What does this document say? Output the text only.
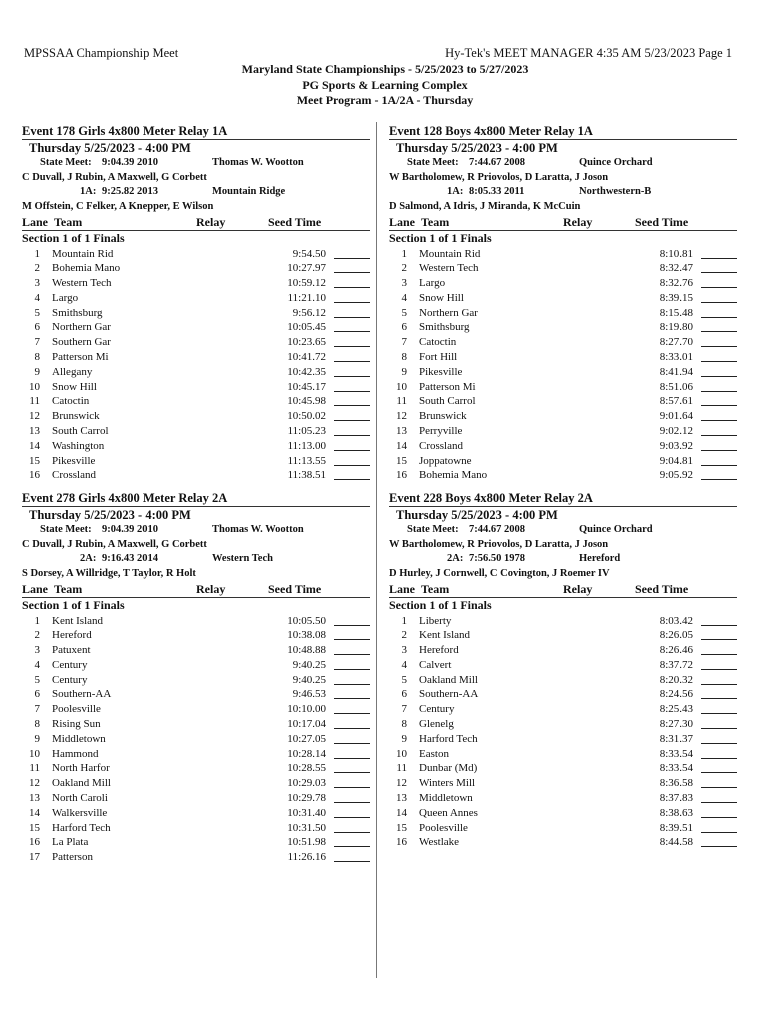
MPSSAA Championship Meet	Hy-Tek's MEET MANAGER 4:35 AM 5/23/2023 Page 1
Maryland State Championships - 5/25/2023 to 5/27/2023
PG Sports & Learning Complex
Meet Program - 1A/2A - Thursday
Event 178 Girls 4x800 Meter Relay 1A
Thursday 5/25/2023 - 4:00 PM
State Meet: 9:04.39 2010	Thomas W. Wootton
C Duvall, J Rubin, A Maxwell, G Corbett
1A: 9:25.82 2013	Mountain Ridge
M Offstein, C Felker, A Knepper, E Wilson
Lane Team	Relay	Seed Time
Section 1 of 1 Finals
1 Mountain Rid	9:54.50
2 Bohemia Mano	10:27.97
3 Western Tech	10:59.12
4 Largo	11:21.10
5 Smithsburg	9:56.12
6 Northern Gar	10:05.45
7 Southern Gar	10:23.65
8 Patterson Mi	10:41.72
9 Allegany	10:42.35
10 Snow Hill	10:45.17
11 Catoctin	10:45.98
12 Brunswick	10:50.02
13 South Carrol	11:05.23
14 Washington	11:13.00
15 Pikesville	11:13.55
16 Crossland	11:38.51
Event 128 Boys 4x800 Meter Relay 1A
Thursday 5/25/2023 - 4:00 PM
State Meet: 7:44.67 2008	Quince Orchard
W Bartholomew, R Priovolos, D Laratta, J Joson
1A: 8:05.33 2011	Northwestern-B
D Salmond, A Idris, J Miranda, K McCuin
Lane Team	Relay	Seed Time
Section 1 of 1 Finals
1 Mountain Rid	8:10.81
2 Western Tech	8:32.47
3 Largo	8:32.76
4 Snow Hill	8:39.15
5 Northern Gar	8:15.48
6 Smithsburg	8:19.80
7 Catoctin	8:27.70
8 Fort Hill	8:33.01
9 Pikesville	8:41.94
10 Patterson Mi	8:51.06
11 South Carrol	8:57.61
12 Brunswick	9:01.64
13 Perryville	9:02.12
14 Crossland	9:03.92
15 Joppatowne	9:04.81
16 Bohemia Mano	9:05.92
Event 278 Girls 4x800 Meter Relay 2A
Thursday 5/25/2023 - 4:00 PM
State Meet: 9:04.39 2010	Thomas W. Wootton
C Duvall, J Rubin, A Maxwell, G Corbett
2A: 9:16.43 2014	Western Tech
S Dorsey, A Willridge, T Taylor, R Holt
Lane Team	Relay	Seed Time
Section 1 of 1 Finals
1 Kent Island	10:05.50
2 Hereford	10:38.08
3 Patuxent	10:48.88
4 Century	9:40.25
5 Century	9:40.25
6 Southern-AA	9:46.53
7 Poolesville	10:10.00
8 Rising Sun	10:17.04
9 Middletown	10:27.05
10 Hammond	10:28.14
11 North Harfor	10:28.55
12 Oakland Mill	10:29.03
13 North Caroli	10:29.78
14 Walkersville	10:31.40
15 Harford Tech	10:31.50
16 La Plata	10:51.98
17 Patterson	11:26.16
Event 228 Boys 4x800 Meter Relay 2A
Thursday 5/25/2023 - 4:00 PM
State Meet: 7:44.67 2008	Quince Orchard
W Bartholomew, R Priovolos, D Laratta, J Joson
2A: 7:56.50 1978	Hereford
D Hurley, J Cornwell, C Covington, J Roemer IV
Lane Team	Relay	Seed Time
Section 1 of 1 Finals
1 Liberty	8:03.42
2 Kent Island	8:26.05
3 Hereford	8:26.46
4 Calvert	8:37.72
5 Oakland Mill	8:20.32
6 Southern-AA	8:24.56
7 Century	8:25.43
8 Glenelg	8:27.30
9 Harford Tech	8:31.37
10 Easton	8:33.54
11 Dunbar (Md)	8:33.54
12 Winters Mill	8:36.58
13 Middletown	8:37.83
14 Queen Annes	8:38.63
15 Poolesville	8:39.51
16 Westlake	8:44.58
